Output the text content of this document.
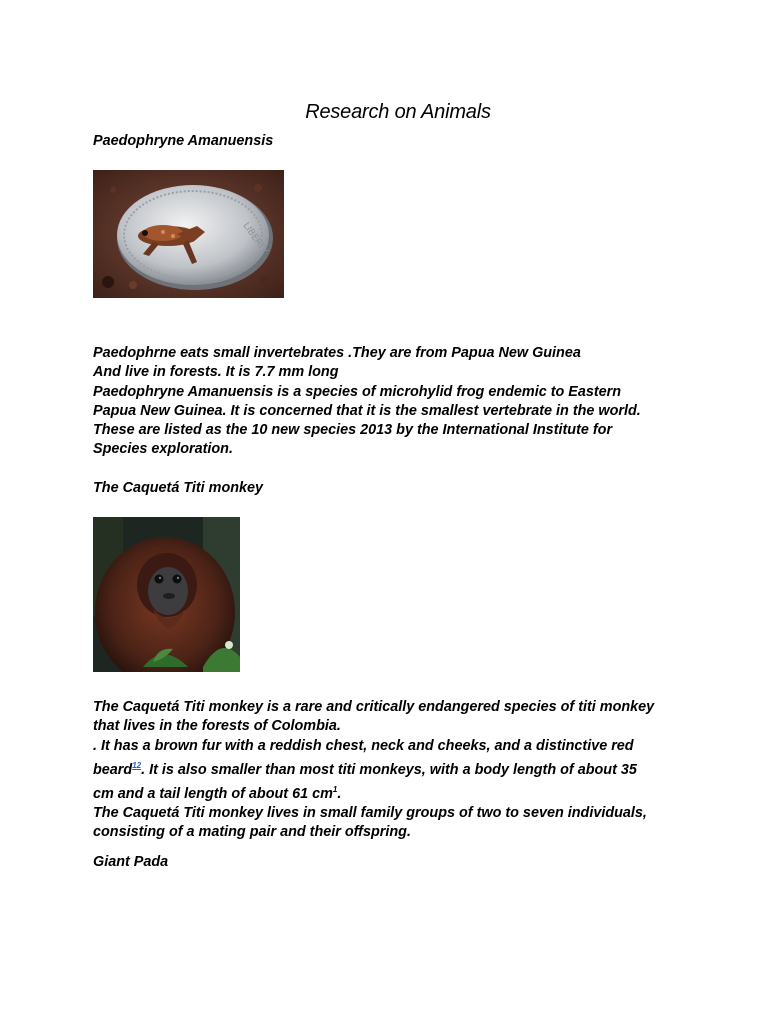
Research on Animals
Paedophryne Amanuensis
LIBERTY

Paedophrne eats small invertebrates .They are from Papua New Guinea

And live in forests. It is 7.7 mm long

Paedophryne Amanuensis is a species of microhylid frog endemic to Eastern

Papua New Guinea. It is concerned that it is the smallest vertebrate in the world.

These are listed as the 10 new species 2013 by the International Institute for

Species exploration.

The Caquetá Titi monkey

The Caquetá Titi monkey is a rare and critically endangered species of titi monkey

that lives in the forests of Colombia.

. It has a brown fur with a reddish chest, neck and cheeks, and a distinctive red

beard$^{12}$. It is also smaller than most titi monkeys, with a body length of about 35

cm and a tail length of about 61 cm$^1$.

The Caquetá Titi monkey lives in small family groups of two to seven individuals,

consisting of a mating pair and their offspring.

Giant Pada
